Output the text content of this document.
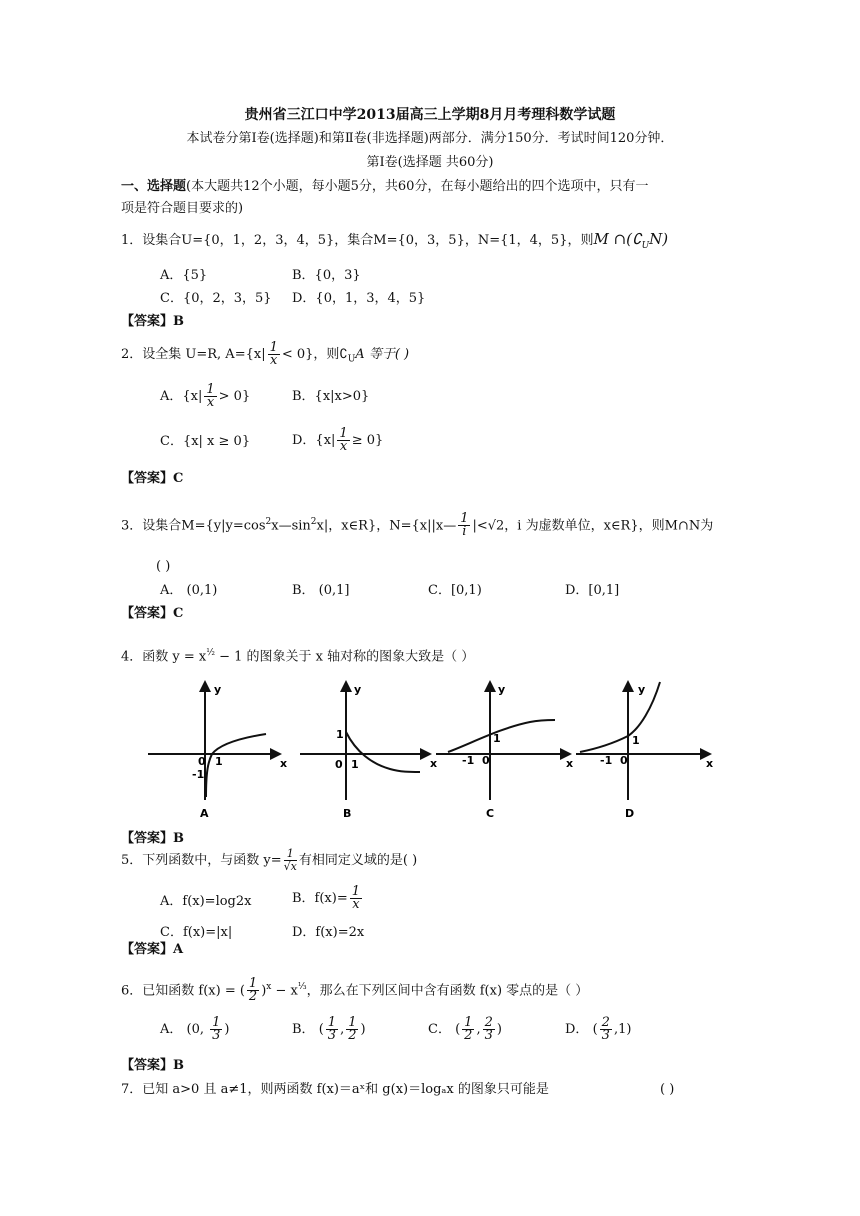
贵州省三江口中学2013届高三上学期8月月考理科数学试题
本试卷分第Ⅰ卷(选择题)和第Ⅱ卷(非选择题)两部分．满分150分．考试时间120分钟．
第Ⅰ卷(选择题 共60分)
一、选择题(本大题共12个小题，每小题5分，共60分，在每小题给出的四个选项中，只有一
项是符合题目要求的)
1．设集合U={0，1，2，3，4，5}，集合M={0，3，5}，N={1，4，5}，则M $\cap(∁_UN)$
A．{5}	B．{0，3}
C．{0，2，3，5} D．{0，1，3，4，5}
【答案】B
2．设全集 U=R, $A=\{x| \frac{1}{x} < 0\}$，则$∁_UA$ 等于( )
A．$\{x| \frac{1}{x} > 0\}$	B．{x|x>0}
C．{x| x ≥ 0}	D．$\{x| \frac{1}{x} \ge 0\}$
【答案】C
3．设集合$M=\{y|y=\cos^2x—\sin^2x|$，x∈R}，N={x||x— $\frac{1}{i} |<√2$，i 为虚数单位，x∈R}，则M∩N为
( )
A． (0,1)	B． (0,1]	C．[0,1)	D．[0,1]
【答案】C
4．函数 $y = x^{\frac{1}{2}} - 1$ 的图象关于 x 轴对称的图象大致是（ ）
y
x
0 1
-1
A
y
x
0 1
1
B
y
x
-1 0
1
C
y
x
-1 0
1
D
【答案】B
5．下列函数中，与函数 $y= \frac{1}{√x}$ 有相同定义域的是( )
A．f(x)=log2x	B．$f(x)= \frac{1}{x}$
C．f(x)=|x|	D．f(x)=2x
【答案】A
6．已知函数 f(x) = ( $\frac{1}{2} )^x - x^{\frac{1}{3}}$，那么在下列区间中含有函数 f(x) 零点的是（ ）
A． (0, $\frac{1}{3}$ )	B． ( $\frac{1}{3}$ , $\frac{1}{2}$ )	C． ( $\frac{1}{2}$ , $\frac{2}{3}$ )	D． ( $\frac{2}{3} ,1$)
【答案】B
7．已知 a>0 且 a≠1，则两函数 f(x)＝aˣ和 g(x)＝logₐx 的图象只可能是	( )
